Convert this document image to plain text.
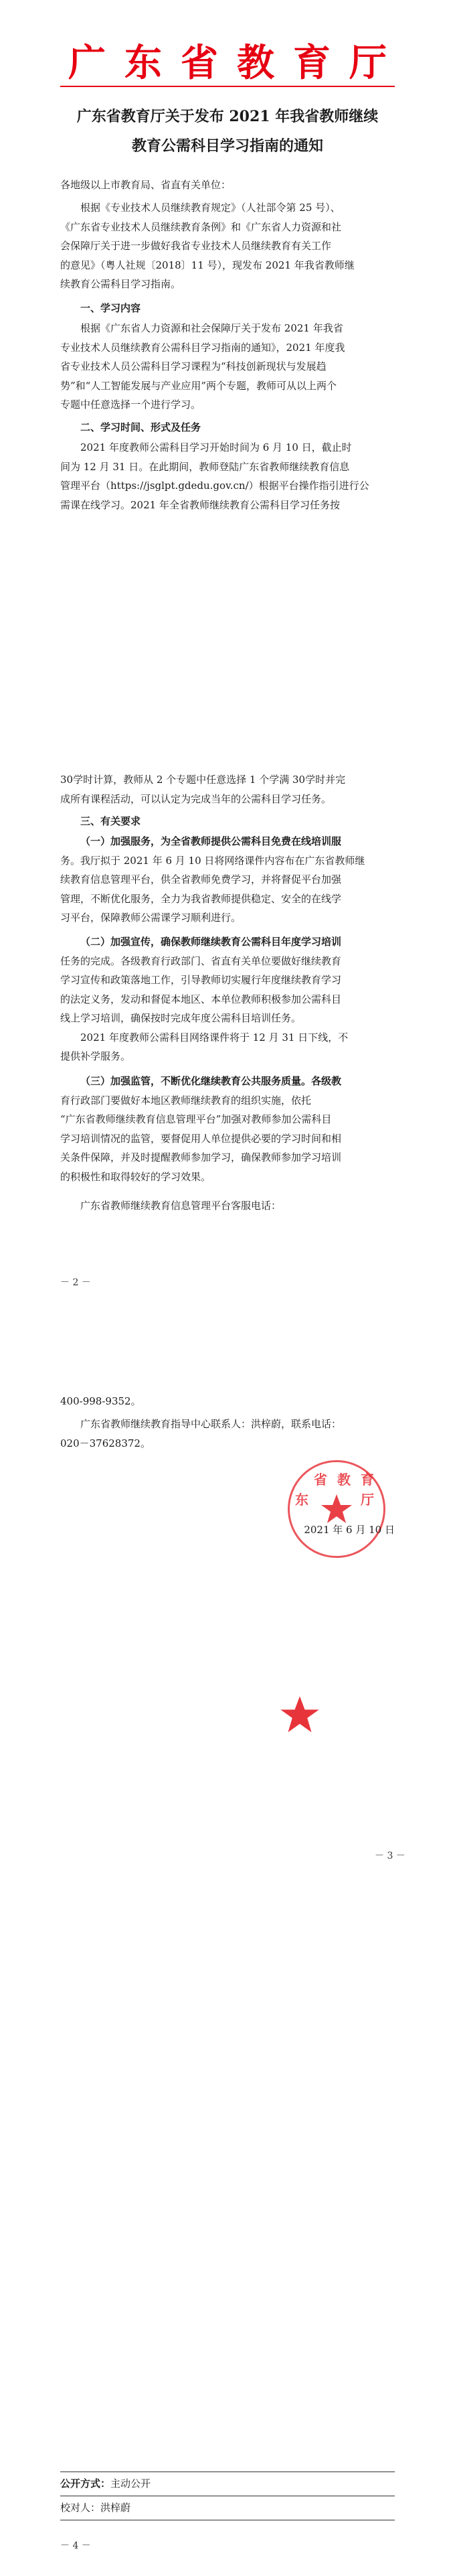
广东省教育厅
广东省教育厅关于发布 2021 年我省教师继续
教育公需科目学习指南的通知
各地级以上市教育局、省直有关单位：
根据《专业技术人员继续教育规定》（人社部令第 25 号）、
《广东省专业技术人员继续教育条例》和《广东省人力资源和社
会保障厅关于进一步做好我省专业技术人员继续教育有关工作
的意见》（粤人社规〔2018〕11 号），现发布 2021 年我省教师继
续教育公需科目学习指南。
一、学习内容
根据《广东省人力资源和社会保障厅关于发布 2021 年我省
专业技术人员继续教育公需科目学习指南的通知》，2021 年度我
省专业技术人员公需科目学习课程为“科技创新现状与发展趋
势”和“人工智能发展与产业应用”两个专题，教师可从以上两个
专题中任意选择一个进行学习。
二、学习时间、形式及任务
2021 年度教师公需科目学习开始时间为 6 月 10 日，截止时
间为 12 月 31 日。在此期间，教师登陆广东省教师继续教育信息
管理平台（https://jsglpt.gdedu.gov.cn/）根据平台操作指引进行公
需课在线学习。2021 年全省教师继续教育公需科目学习任务按
30学时计算，教师从 2 个专题中任意选择 1 个学满 30学时并完
成所有课程活动，可以认定为完成当年的公需科目学习任务。
三、有关要求
（一）加强服务，为全省教师提供公需科目免费在线培训服
务。我厅拟于 2021 年 6 月 10 日将网络课件内容布在广东省教师继
续教育信息管理平台，供全省教师免费学习，并将督促平台加强
管理，不断优化服务，全力为我省教师提供稳定、安全的在线学
习平台，保障教师公需课学习顺利进行。
（二）加强宣传，确保教师继续教育公需科目年度学习培训
任务的完成。各级教育行政部门、省直有关单位要做好继续教育
学习宣传和政策落地工作，引导教师切实履行年度继续教育学习
的法定义务，发动和督促本地区、本单位教师积极参加公需科目
线上学习培训，确保按时完成年度公需科目培训任务。
2021 年度教师公需科目网络课件将于 12 月 31 日下线，不
提供补学服务。
（三）加强监管，不断优化继续教育公共服务质量。各级教
育行政部门要做好本地区教师继续教育的组织实施，依托
“广东省教师继续教育信息管理平台”加强对教师参加公需科目
学习培训情况的监管，要督促用人单位提供必要的学习时间和相
关条件保障，并及时提醒教师参加学习，确保教师参加学习培训
的积极性和取得较好的学习效果。
广东省教师继续教育信息管理平台客服电话：
－ 2 －
400-998-9352。
广东省教师继续教育指导中心联系人：洪梓蔚，联系电话：
020－37628372。
省 教 育
东	厅
2021 年 6 月 10 日
－ 3 －
公开方式：主动公开
校对人：洪梓蔚
－ 4 －
